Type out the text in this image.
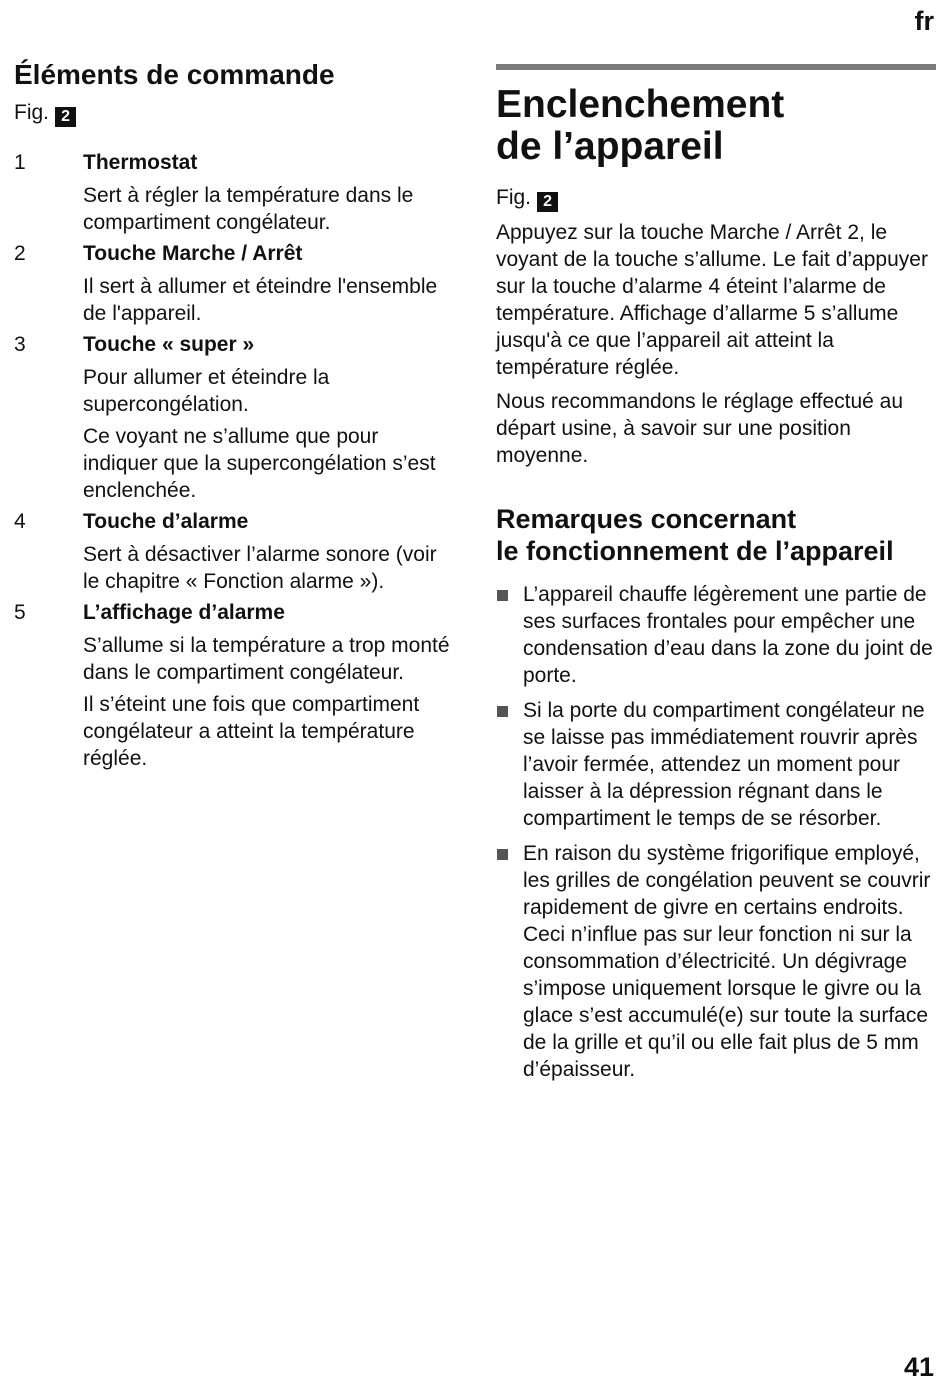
fr
Éléments de commande
Fig. 2
1	Thermostat
Sert à régler la température dans le compartiment congélateur.
2	Touche Marche / Arrêt
Il sert à allumer et éteindre l'ensemble de l'appareil.
3	Touche « super »
Pour allumer et éteindre la supercongélation.
Ce voyant ne s’allume que pour indiquer que la supercongélation s’est enclenchée.
4	Touche d’alarme
Sert à désactiver l’alarme sonore (voir le chapitre « Fonction alarme »).
5	L’affichage d’alarme
S’allume si la température a trop monté dans le compartiment congélateur.
Il s’éteint une fois que compartiment congélateur a atteint la température réglée.
Enclenchement
de l’appareil
Fig. 2
Appuyez sur la touche Marche / Arrêt 2, le voyant de la touche s’allume. Le fait d’appuyer sur la touche d’alarme 4 éteint l’alarme de température. Affichage d’allarme 5 s’allume jusqu'à ce que l’appareil ait atteint la température réglée.
Nous recommandons le réglage effectué au départ usine, à savoir sur une position moyenne.
Remarques concernant
le fonctionnement de l’appareil
L’appareil chauffe légèrement une partie de ses surfaces frontales pour empêcher une condensation d’eau dans la zone du joint de porte.
Si la porte du compartiment congélateur ne se laisse pas immédiatement rouvrir après l’avoir fermée, attendez un moment pour laisser à la dépression régnant dans le compartiment le temps de se résorber.
En raison du système frigorifique employé, les grilles de congélation peuvent se couvrir rapidement de givre en certains endroits. Ceci n’influe pas sur leur fonction ni sur la consommation d’électricité. Un dégivrage s’impose uniquement lorsque le givre ou la glace s’est accumulé(e) sur toute la surface de la grille et qu’il ou elle fait plus de 5 mm d’épaisseur.
41
